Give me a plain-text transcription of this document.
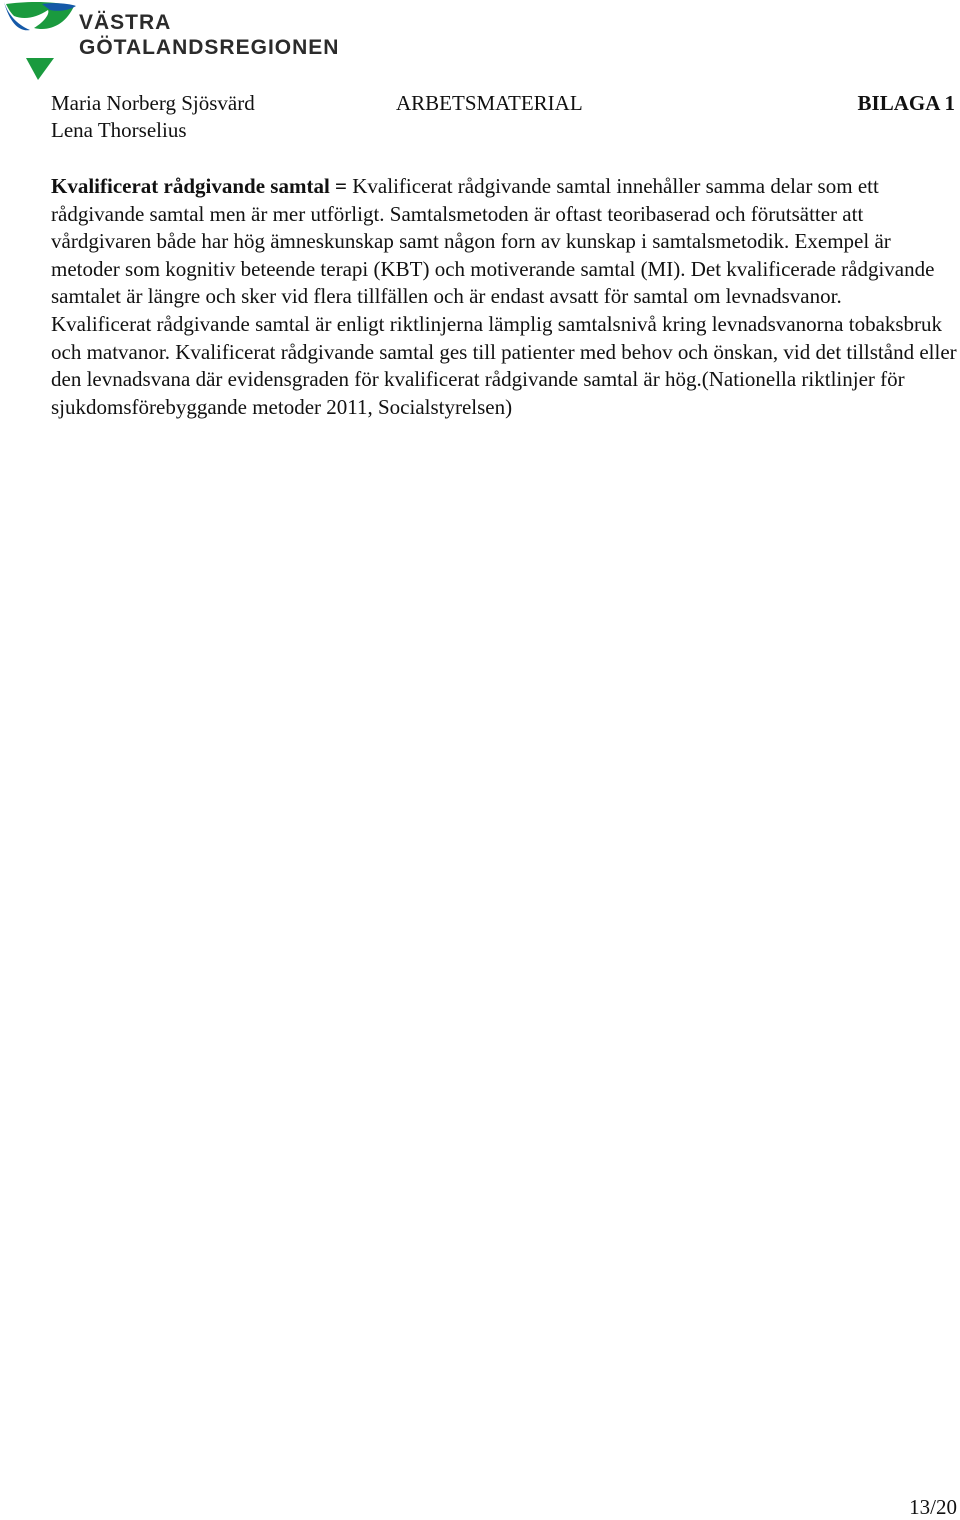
VÄSTRA
GÖTALANDSREGIONEN
Maria Norberg Sjösvärd
Lena Thorselius
ARBETSMATERIAL	BILAGA 1

Kvalificerat rådgivande samtal = Kvalificerat rådgivande samtal innehåller samma delar som ett rådgivande samtal men är mer utförligt. Samtalsmetoden är oftast teoribaserad och förutsätter att vårdgivaren både har hög ämneskunskap samt någon forn av kunskap i samtalsmetodik. Exempel är metoder som kognitiv beteende terapi (KBT) och motiverande samtal (MI). Det kvalificerade rådgivande samtalet är längre och sker vid flera tillfällen och är endast avsatt för samtal om levnadsvanor.

Kvalificerat rådgivande samtal är enligt riktlinjerna lämplig samtalsnivå kring levnadsvanorna tobaksbruk och matvanor. Kvalificerat rådgivande samtal ges till patienter med behov och önskan, vid det tillstånd eller den levnadsvana där evidensgraden för kvalificerat rådgivande samtal är hög.(Nationella riktlinjer för sjukdomsförebyggande metoder 2011, Socialstyrelsen)

13/20
